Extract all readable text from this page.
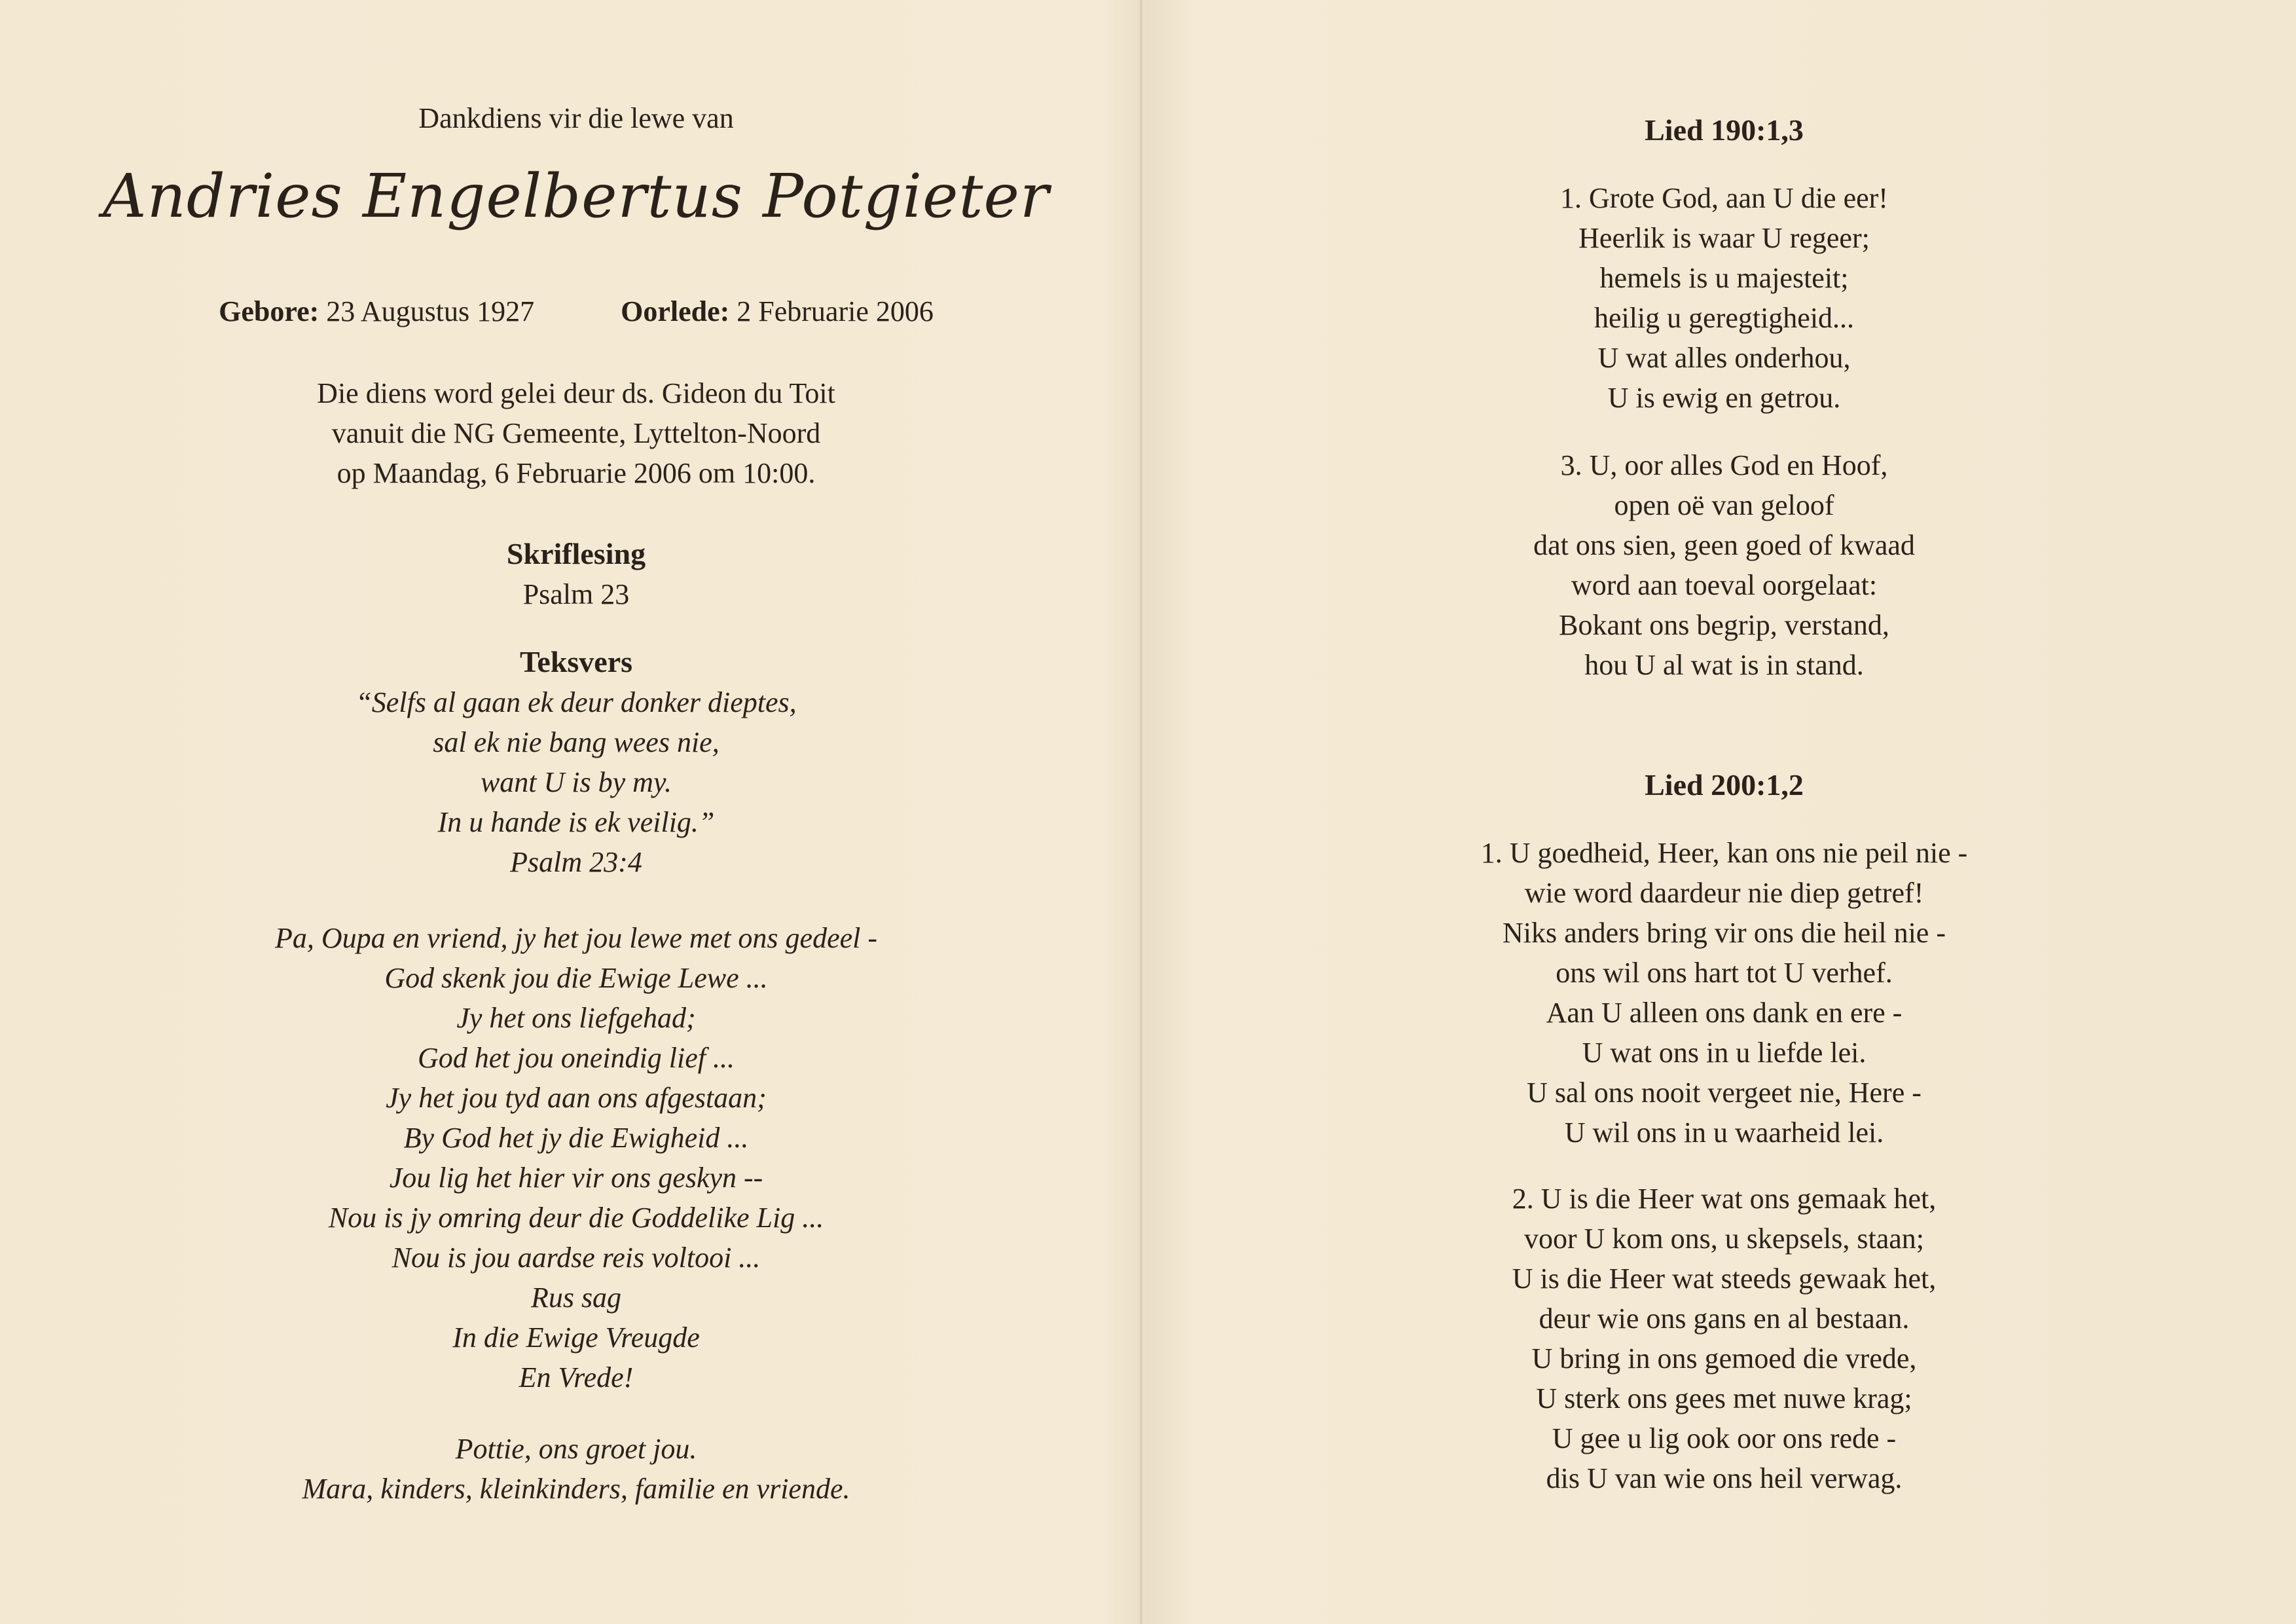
Dankdiens vir die lewe van
Andries Engelbertus Potgieter
Gebore: 23 Augustus 1927	Oorlede: 2 Februarie 2006
Die diens word gelei deur ds. Gideon du Toit
vanuit die NG Gemeente, Lyttelton-Noord
op Maandag, 6 Februarie 2006 om 10:00.
Skriflesing
Psalm 23
Teksvers
“Selfs al gaan ek deur donker dieptes,
sal ek nie bang wees nie,
want U is by my.
In u hande is ek veilig.”
Psalm 23:4
Pa, Oupa en vriend, jy het jou lewe met ons gedeel -
God skenk jou die Ewige Lewe ...
Jy het ons liefgehad;
God het jou oneindig lief ...
Jy het jou tyd aan ons afgestaan;
By God het jy die Ewigheid ...
Jou lig het hier vir ons geskyn --
Nou is jy omring deur die Goddelike Lig ...
Nou is jou aardse reis voltooi ...
Rus sag
In die Ewige Vreugde
En Vrede!
Pottie, ons groet jou.
Mara, kinders, kleinkinders, familie en vriende.
Lied 190:1,3
1. Grote God, aan U die eer!
Heerlik is waar U regeer;
hemels is u majesteit;
heilig u geregtigheid...
U wat alles onderhou,
U is ewig en getrou.
3. U, oor alles God en Hoof,
open oë van geloof
dat ons sien, geen goed of kwaad
word aan toeval oorgelaat:
Bokant ons begrip, verstand,
hou U al wat is in stand.
Lied 200:1,2
1. U goedheid, Heer, kan ons nie peil nie -
wie word daardeur nie diep getref!
Niks anders bring vir ons die heil nie -
ons wil ons hart tot U verhef.
Aan U alleen ons dank en ere -
U wat ons in u liefde lei.
U sal ons nooit vergeet nie, Here -
U wil ons in u waarheid lei.
2. U is die Heer wat ons gemaak het,
voor U kom ons, u skepsels, staan;
U is die Heer wat steeds gewaak het,
deur wie ons gans en al bestaan.
U bring in ons gemoed die vrede,
U sterk ons gees met nuwe krag;
U gee u lig ook oor ons rede -
dis U van wie ons heil verwag.
